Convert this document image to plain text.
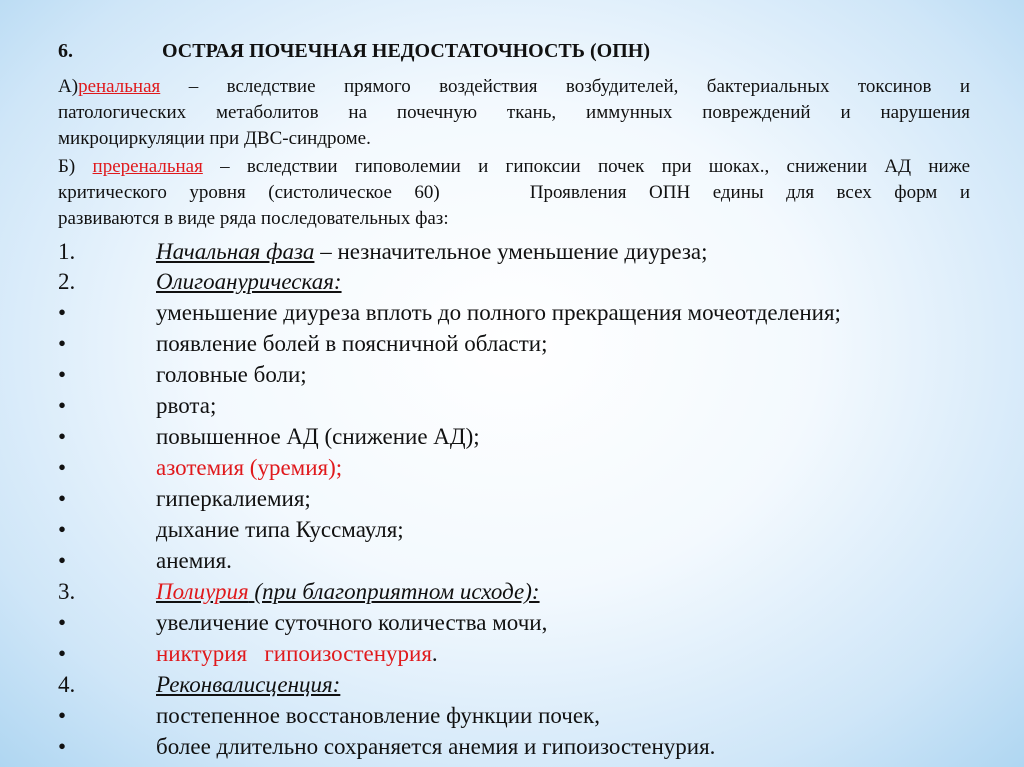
6.	ОСТРАЯ ПОЧЕЧНАЯ НЕДОСТАТОЧНОСТЬ (ОПН)
А)ренальная – вследствие прямого воздействия возбудителей, бактериальных токсинов и
патологических метаболитов на почечную ткань, иммунных повреждений и нарушения
микроциркуляции при ДВС-синдроме.
Б) преренальная – вследствии гиповолемии и гипоксии почек при шоках., снижении АД ниже
критического уровня (систолическое 60)    Проявления ОПН едины для всех форм и
развиваются в виде ряда последовательных фаз:
1.	Начальная фаза – незначительное уменьшение диуреза;
2.	Олигоанурическая:
•	уменьшение диуреза вплоть до полного прекращения мочеотделения;
•	появление болей в поясничной области;
•	головные боли;
•	рвота;
•	повышенное АД (снижение АД);
•	азотемия (уремия);
•	гиперкалиемия;
•	дыхание типа Куссмауля;
•	анемия.
3.	Полиурия (при благоприятном исходе):
•	увеличение суточного количества мочи,
•	никтурия   гипоизостенурия.
4.	Реконвалисценция:
•	постепенное восстановление функции почек,
•	более длительно сохраняется анемия и гипоизостенурия.
